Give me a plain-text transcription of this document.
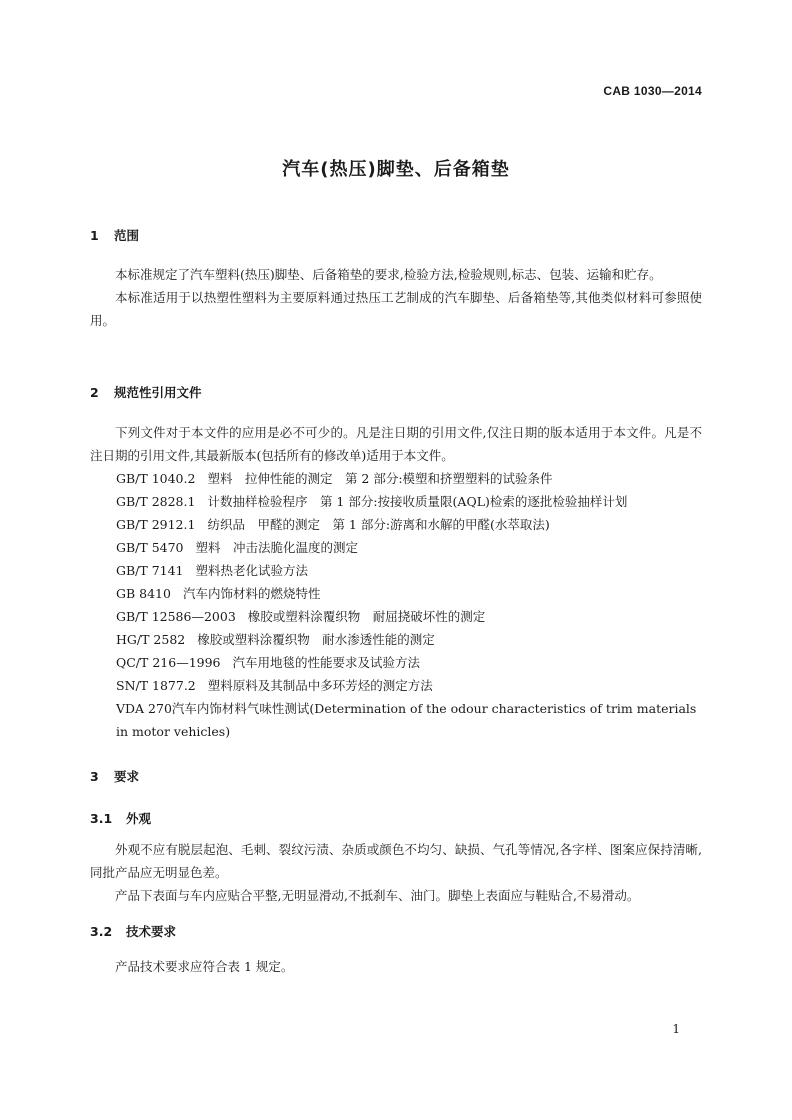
CAB 1030—2014
汽车(热压)脚垫、后备箱垫
1 范围

本标准规定了汽车塑料(热压)脚垫、后备箱垫的要求,检验方法,检验规则,标志、包装、运输和贮存。

本标准适用于以热塑性塑料为主要原料通过热压工艺制成的汽车脚垫、后备箱垫等,其他类似材料可参照使用。

2 规范性引用文件

下列文件对于本文件的应用是必不可少的。凡是注日期的引用文件,仅注日期的版本适用于本文件。凡是不注日期的引用文件,其最新版本(包括所有的修改单)适用于本文件。

GB/T 1040.2 塑料　拉伸性能的测定　第 2 部分:模塑和挤塑塑料的试验条件
GB/T 2828.1 计数抽样检验程序　第 1 部分:按接收质量限(AQL)检索的逐批检验抽样计划
GB/T 2912.1 纺织品　甲醛的测定　第 1 部分:游离和水解的甲醛(水萃取法)
GB/T 5470 塑料　冲击法脆化温度的测定
GB/T 7141 塑料热老化试验方法
GB 8410 汽车内饰材料的燃烧特性
GB/T 12586—2003 橡胶或塑料涂覆织物　耐屈挠破坏性的测定
HG/T 2582 橡胶或塑料涂覆织物　耐水渗透性能的测定
QC/T 216—1996 汽车用地毯的性能要求及试验方法
SN/T 1877.2 塑料原料及其制品中多环芳烃的测定方法
VDA 270汽车内饰材料气味性测试(Determination of the odour characteristics of trim materials in motor vehicles)
3 要求
3.1 外观

外观不应有脱层起泡、毛刺、裂纹污渍、杂质或颜色不均匀、缺损、气孔等情况,各字样、图案应保持清晰,同批产品应无明显色差。

产品下表面与车内应贴合平整,无明显滑动,不抵刹车、油门。脚垫上表面应与鞋贴合,不易滑动。

3.2 技术要求

产品技术要求应符合表 1 规定。

1
